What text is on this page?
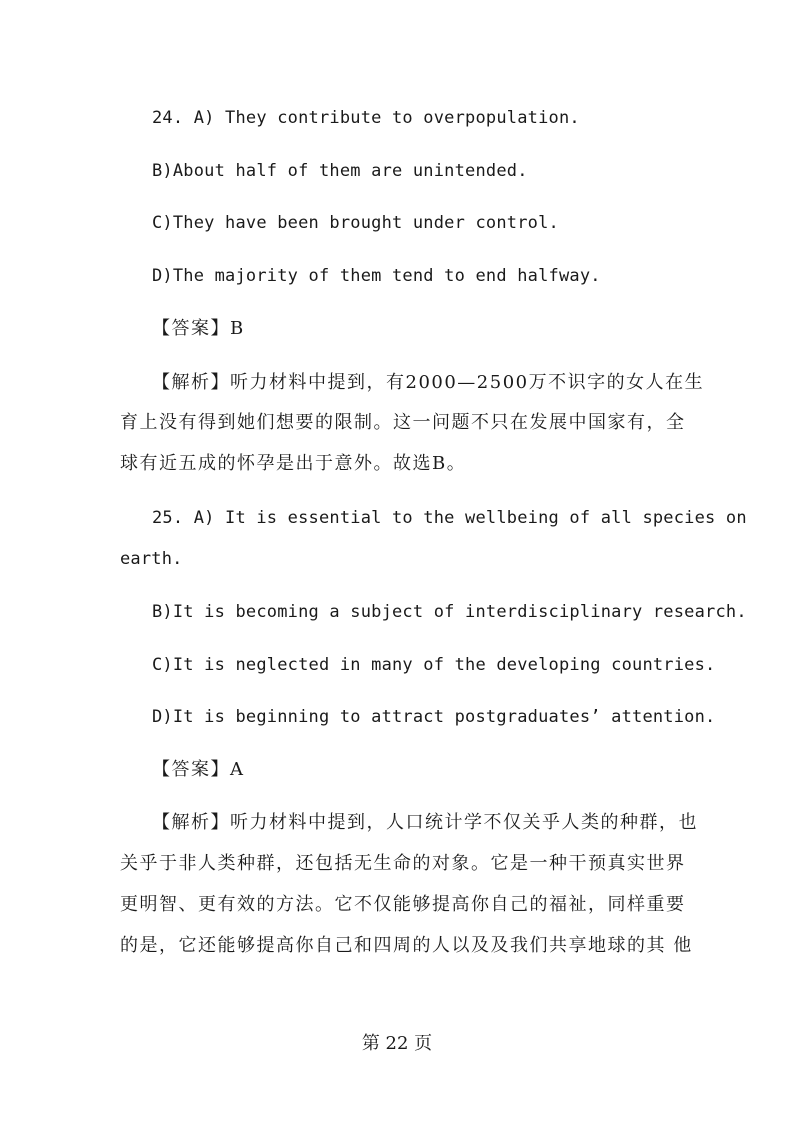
24. A) They contribute to overpopulation.
B)About half of them are unintended.
C)They have been brought under control.
D)The majority of them tend to end halfway.
【答案】B
【解析】听力材料中提到，有2000—2500万不识字的女人在生
育上没有得到她们想要的限制。这一问题不只在发展中国家有，全
球有近五成的怀孕是出于意外。故选B。
25. A) It is essential to the wellbeing of all species on
earth.
B)It is becoming a subject of interdisciplinary research.
C)It is neglected in many of the developing countries.
D)It is beginning to attract postgraduates’ attention.
【答案】A
【解析】听力材料中提到，人口统计学不仅关乎人类的种群，也
关乎于非人类种群，还包括无生命的对象。它是一种干预真实世界
更明智、更有效的方法。它不仅能够提高你自己的福祉，同样重要
的是，它还能够提高你自己和四周的人以及及我们共享地球的其 他
第 22 页
